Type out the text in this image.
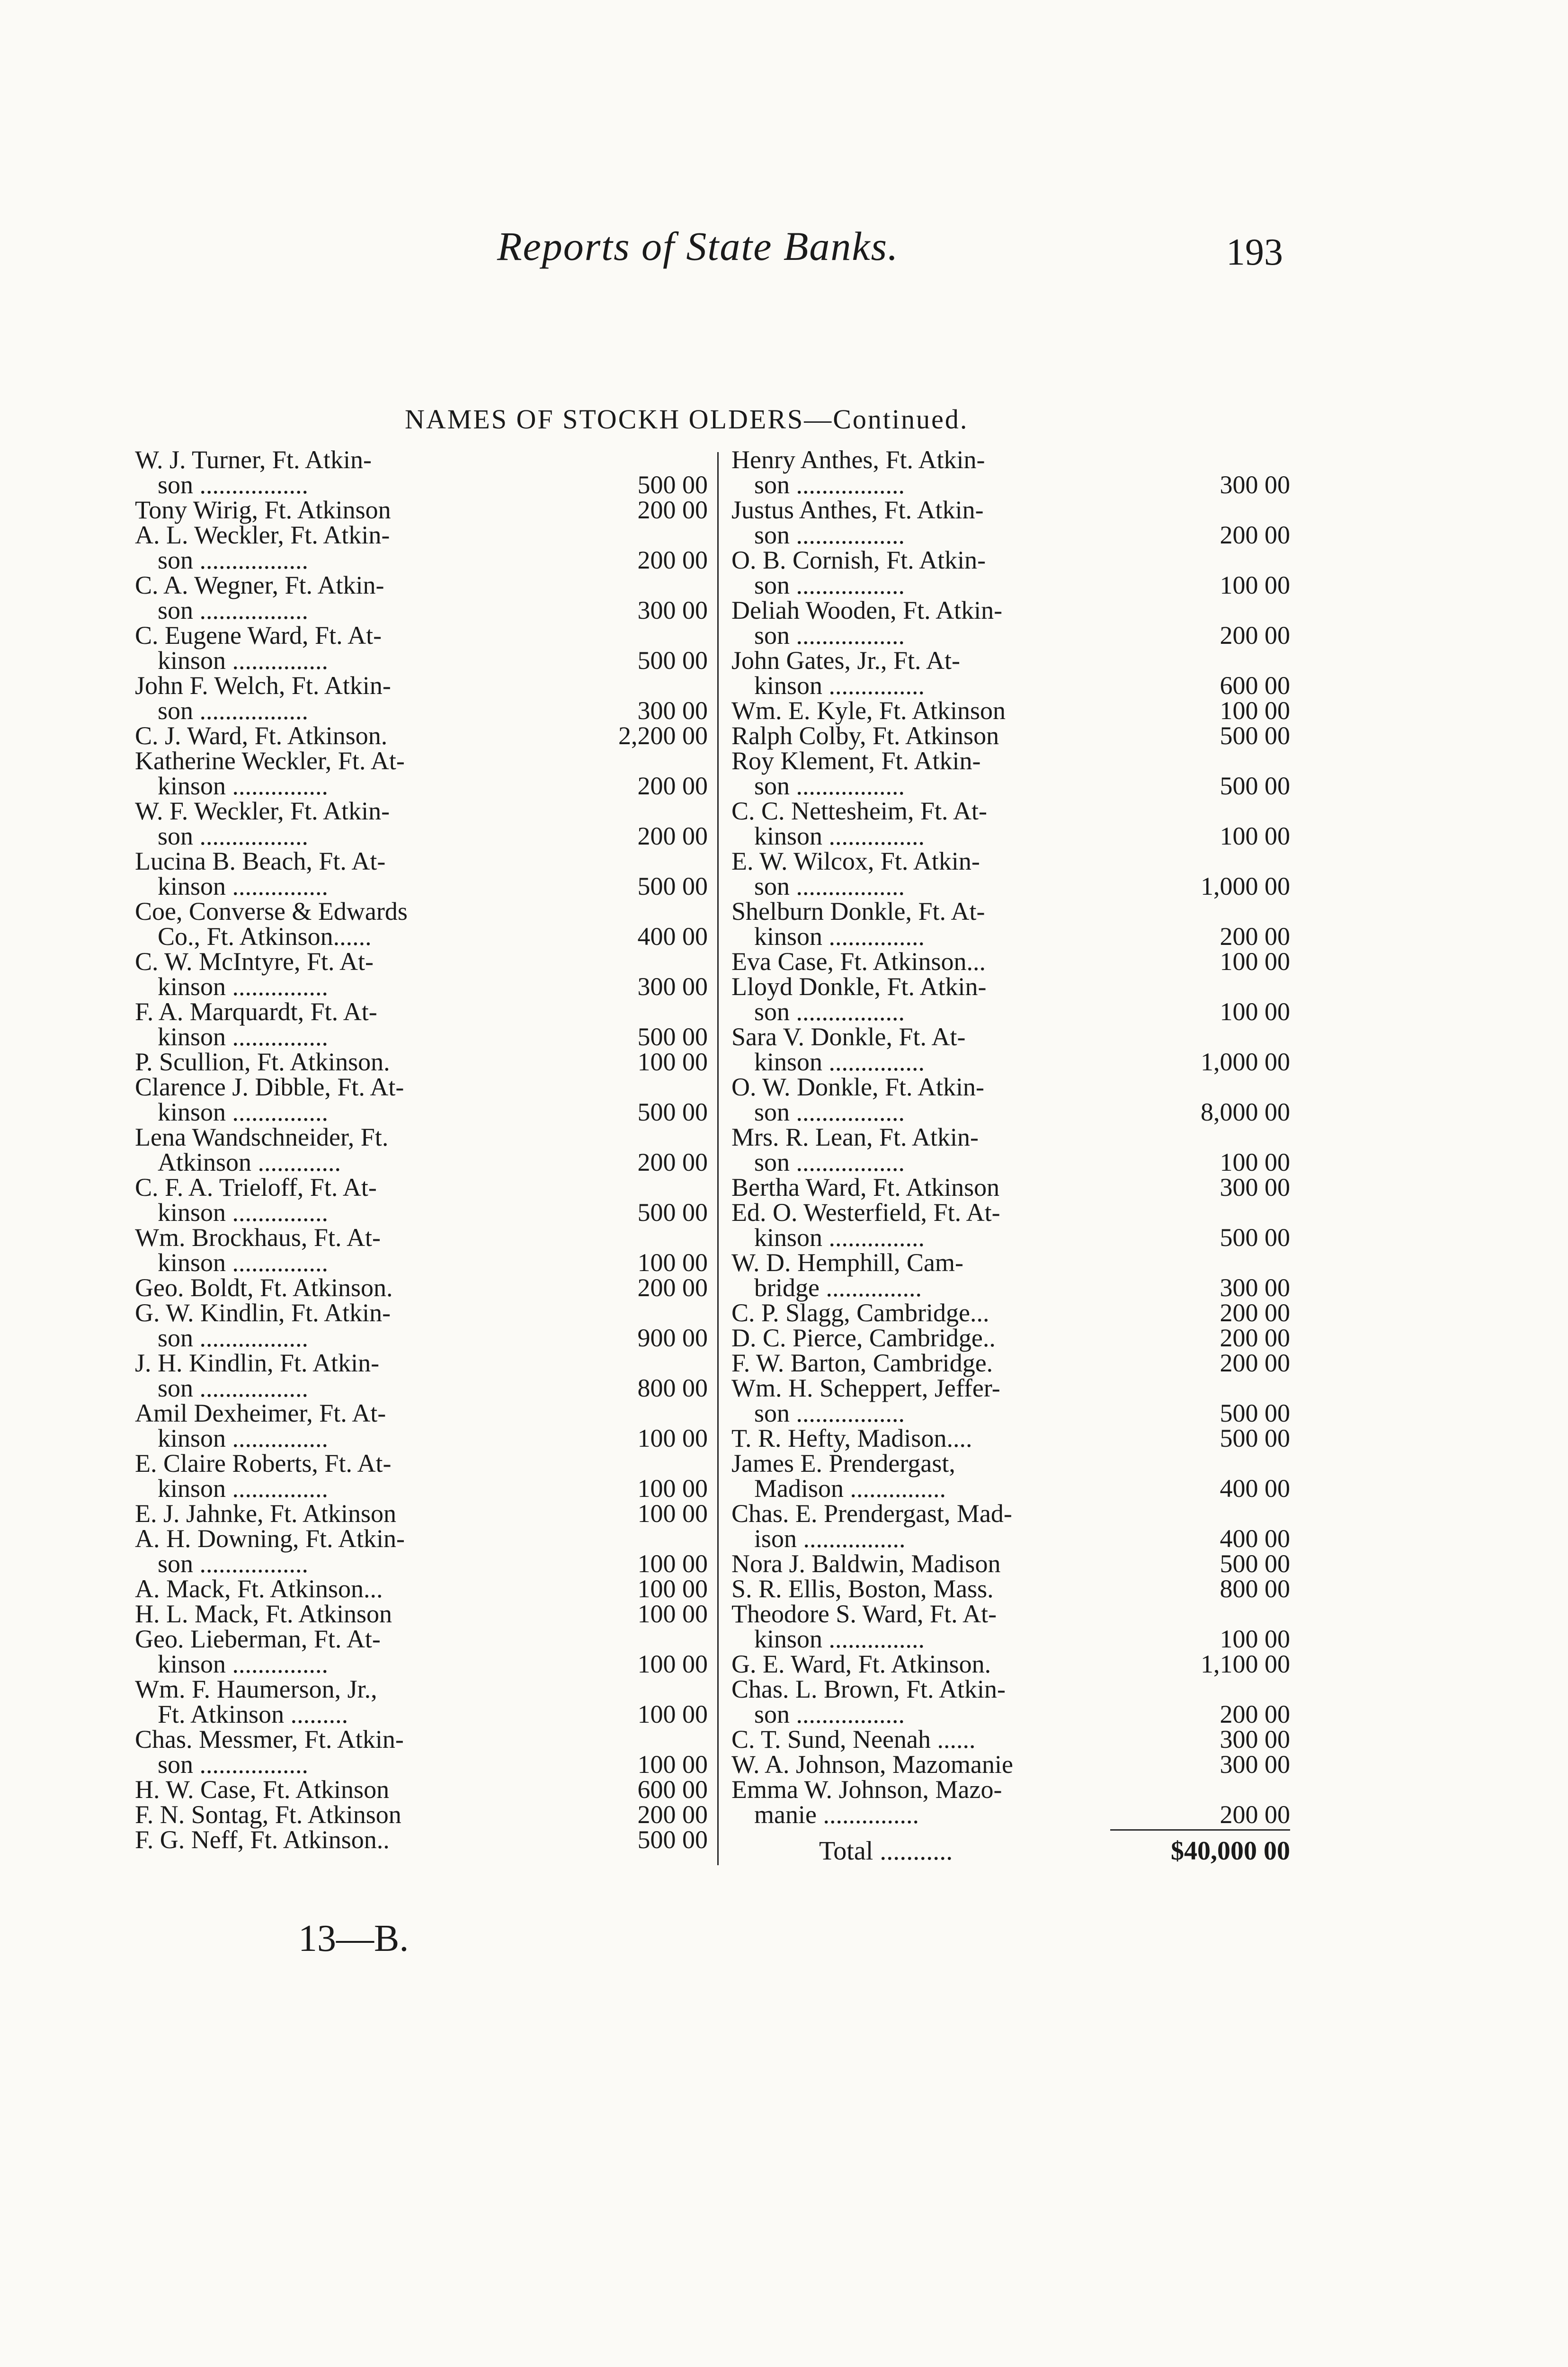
Reports of State Banks.	193
NAMES OF STOCKH OLDERS—Continued.
W. J. Turner, Ft. Atkin-
son .................	500 00
Tony Wirig, Ft. Atkinson	200 00
A. L. Weckler, Ft. Atkin-
son .................	200 00
C. A. Wegner, Ft. Atkin-
son .................	300 00
C. Eugene Ward, Ft. At-
kinson ...............	500 00
John F. Welch, Ft. Atkin-
son .................	300 00
C. J. Ward, Ft. Atkinson.	2,200 00
Katherine Weckler, Ft. At-
kinson ...............	200 00
W. F. Weckler, Ft. Atkin-
son .................	200 00
Lucina B. Beach, Ft. At-
kinson ...............	500 00
Coe, Converse & Edwards
Co., Ft. Atkinson......	400 00
C. W. McIntyre, Ft. At-
kinson ...............	300 00
F. A. Marquardt, Ft. At-
kinson ...............	500 00
P. Scullion, Ft. Atkinson.	100 00
Clarence J. Dibble, Ft. At-
kinson ...............	500 00
Lena Wandschneider, Ft.
Atkinson .............	200 00
C. F. A. Trieloff, Ft. At-
kinson ...............	500 00
Wm. Brockhaus, Ft. At-
kinson ...............	100 00
Geo. Boldt, Ft. Atkinson.	200 00
G. W. Kindlin, Ft. Atkin-
son .................	900 00
J. H. Kindlin, Ft. Atkin-
son .................	800 00
Amil Dexheimer, Ft. At-
kinson ...............	100 00
E. Claire Roberts, Ft. At-
kinson ...............	100 00
E. J. Jahnke, Ft. Atkinson	100 00
A. H. Downing, Ft. Atkin-
son .................	100 00
A. Mack, Ft. Atkinson...	100 00
H. L. Mack, Ft. Atkinson	100 00
Geo. Lieberman, Ft. At-
kinson ...............	100 00
Wm. F. Haumerson, Jr.,
Ft. Atkinson .........	100 00
Chas. Messmer, Ft. Atkin-
son .................	100 00
H. W. Case, Ft. Atkinson	600 00
F. N. Sontag, Ft. Atkinson	200 00
F. G. Neff, Ft. Atkinson..	500 00
Henry Anthes, Ft. Atkin-
son .................	300 00
Justus Anthes, Ft. Atkin-
son .................	200 00
O. B. Cornish, Ft. Atkin-
son .................	100 00
Deliah Wooden, Ft. Atkin-
son .................	200 00
John Gates, Jr., Ft. At-
kinson ...............	600 00
Wm. E. Kyle, Ft. Atkinson	100 00
Ralph Colby, Ft. Atkinson	500 00
Roy Klement, Ft. Atkin-
son .................	500 00
C. C. Nettesheim, Ft. At-
kinson ...............	100 00
E. W. Wilcox, Ft. Atkin-
son .................	1,000 00
Shelburn Donkle, Ft. At-
kinson ...............	200 00
Eva Case, Ft. Atkinson...	100 00
Lloyd Donkle, Ft. Atkin-
son .................	100 00
Sara V. Donkle, Ft. At-
kinson ...............	1,000 00
O. W. Donkle, Ft. Atkin-
son .................	8,000 00
Mrs. R. Lean, Ft. Atkin-
son .................	100 00
Bertha Ward, Ft. Atkinson	300 00
Ed. O. Westerfield, Ft. At-
kinson ...............	500 00
W. D. Hemphill, Cam-
bridge ...............	300 00
C. P. Slagg, Cambridge...	200 00
D. C. Pierce, Cambridge..	200 00
F. W. Barton, Cambridge.	200 00
Wm. H. Scheppert, Jeffer-
son .................	500 00
T. R. Hefty, Madison....	500 00
James E. Prendergast,
Madison ...............	400 00
Chas. E. Prendergast, Mad-
ison ................	400 00
Nora J. Baldwin, Madison	500 00
S. R. Ellis, Boston, Mass.	800 00
Theodore S. Ward, Ft. At-
kinson ...............	100 00
G. E. Ward, Ft. Atkinson.	1,100 00
Chas. L. Brown, Ft. Atkin-
son .................	200 00
C. T. Sund, Neenah ......	300 00
W. A. Johnson, Mazomanie	300 00
Emma W. Johnson, Mazo-
manie ...............	200 00
Total ...........	$40,000 00
13—B.
